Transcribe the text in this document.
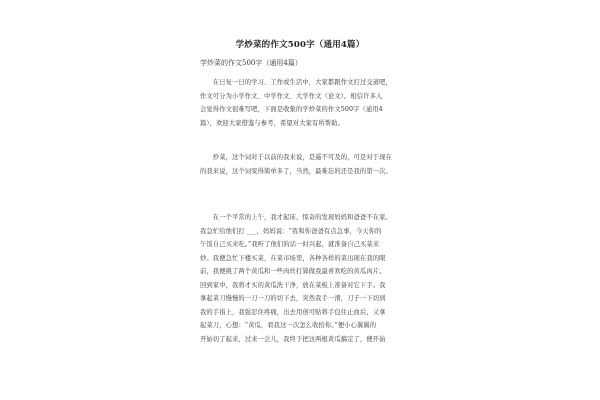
学炒菜的作文500字（通用4篇）
学炒菜的作文500字（通用4篇）
　　在日复一日的学习、工作或生活中，大家都跟作文打过交道吧，
作文可分为小学作文、中学作文、大学作文（论文）。相信许多人
会觉得作文很难写吧，下面是收集的学炒菜的作文500字（通用4
篇），欢迎大家借鉴与参考，希望对大家有所帮助。
　　炒菜，这个词对于以前的我来说，是遥不可及的，可是对于现在
的我来说，这个词变得简单多了，当然，最难忘的还是我的第一次。
　　在一个平常的上午，我才起床，惊奇的发现妈妈和爸爸不在家。
我急忙给他们打 ___，妈妈说：“我和你爸爸有点急事，今天你的
午饭自己买来吃。”我听了他们的话一时兴起，就准备自己买菜来
炒。我便急忙下楼买菜，在菜市场里，各种各样的菜出现在我的眼
前，我便挑了两个黄瓜和一些肉丝打算做我最喜欢吃的黄瓜肉片。
回到家中，我将才买的黄瓜洗干净，放在菜板上准备对它下手。我
拿起菜刀慢慢的一刀一刀的切下去，突然我手一滑，刀子一下切到
我的手指上，我强忍住疼痛，出去用创可贴将手包住止血后，又拿
起菜刀，心想：“黄瓜，看我这一次怎么收拾你。”便小心翼翼的
开始切了起来，过来一会儿，我终于把这两根黄瓜搞定了，便开始
